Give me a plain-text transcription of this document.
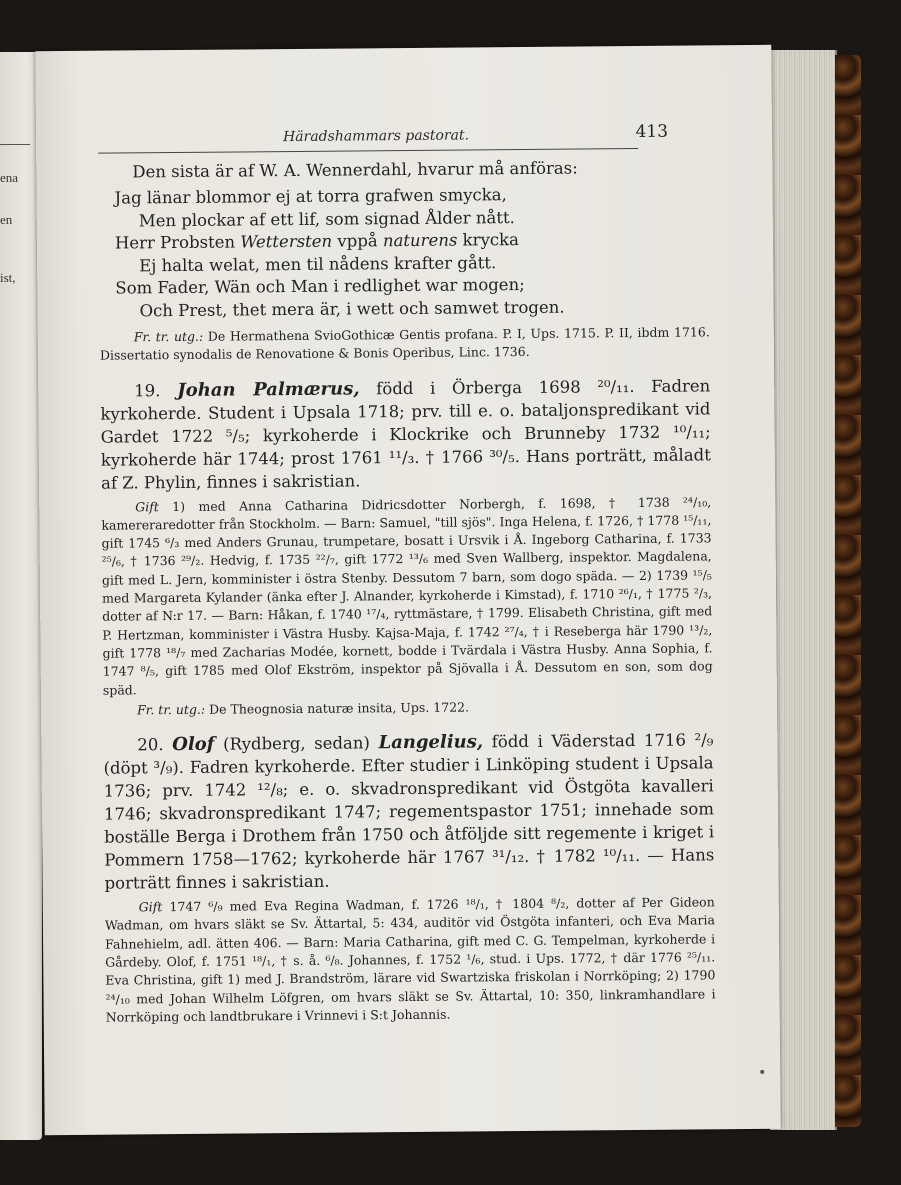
ena
en
ist,
Häradshammars pastorat.	413

Den sista är af W. A. Wennerdahl, hvarur må anföras:

Jag länar blommor ej at torra grafwen smycka,
Men plockar af ett lif, som signad Ålder nått.
Herr Probsten Wettersten vppå naturens krycka
Ej halta welat, men til nådens krafter gått.
Som Fader, Wän och Man i redlighet war mogen;
Och Prest, thet mera är, i wett och samwet trogen.

Fr. tr. utg.: De Hermathena SvioGothicæ Gentis profana. P. I, Ups. 1715. P. II, ibdm 1716. Dissertatio synodalis de Renovatione & Bonis Operibus, Linc. 1736.

19. Johan Palmærus, född i Örberga 1698 ²⁰/₁₁. Fadren kyrkoherde. Student i Upsala 1718; prv. till e. o. bataljonspredikant vid Gardet 1722 ⁵/₅; kyrkoherde i Klockrike och Brunneby 1732 ¹⁰/₁₁; kyrkoherde här 1744; prost 1761 ¹¹/₃. † 1766 ³⁰/₅. Hans porträtt, måladt af Z. Phylin, finnes i sakristian.

Gift 1) med Anna Catharina Didricsdotter Norbergh, f. 1698, † 1738 ²⁴/₁₀, kamereraredotter från Stockholm. — Barn: Samuel, "till sjös". Inga Helena, f. 1726, † 1778 ¹⁵/₁₁, gift 1745 ⁶/₃ med Anders Grunau, trumpetare, bosatt i Ursvik i Å. Ingeborg Catharina, f. 1733 ²⁵/₆, † 1736 ²⁹/₂. Hedvig, f. 1735 ²²/₇, gift 1772 ¹³/₆ med Sven Wallberg, inspektor. Magdalena, gift med L. Jern, komminister i östra Stenby. Dessutom 7 barn, som dogo späda. — 2) 1739 ¹⁵/₅ med Margareta Kylander (änka efter J. Alnander, kyrkoherde i Kimstad), f. 1710 ²⁶/₁, † 1775 ²/₃, dotter af N:r 17. — Barn: Håkan, f. 1740 ¹⁷/₄, ryttmästare, † 1799. Elisabeth Christina, gift med P. Hertzman, komminister i Västra Husby. Kajsa-Maja, f. 1742 ²⁷/₄, † i Reseberga här 1790 ¹³/₂, gift 1778 ¹⁸/₇ med Zacharias Modée, kornett, bodde i Tvärdala i Västra Husby. Anna Sophia, f. 1747 ⁸/₅, gift 1785 med Olof Ekström, inspektor på Sjövalla i Å. Dessutom en son, som dog späd.

Fr. tr. utg.: De Theognosia naturæ insita, Ups. 1722.

20. Olof (Rydberg, sedan) Langelius, född i Väderstad 1716 ²/₉ (döpt ³/₉). Fadren kyrkoherde. Efter studier i Linköping student i Upsala 1736; prv. 1742 ¹²/₈; e. o. skvadronspredikant vid Östgöta kavalleri 1746; skvadronspredikant 1747; regementspastor 1751; innehade som boställe Berga i Drothem från 1750 och åtföljde sitt regemente i kriget i Pommern 1758—1762; kyrkoherde här 1767 ³¹/₁₂. † 1782 ¹⁰/₁₁. — Hans porträtt finnes i sakristian.

Gift 1747 ⁶/₉ med Eva Regina Wadman, f. 1726 ¹⁸/₁, † 1804 ⁸/₂, dotter af Per Gideon Wadman, om hvars släkt se Sv. Ättartal, 5: 434, auditör vid Östgöta infanteri, och Eva Maria Fahnehielm, adl. ätten 406. — Barn: Maria Catharina, gift med C. G. Tempelman, kyrkoherde i Gårdeby. Olof, f. 1751 ¹⁸/₁, † s. å. ⁶/₈. Johannes, f. 1752 ¹/₆, stud. i Ups. 1772, † där 1776 ²⁵/₁₁. Eva Christina, gift 1) med J. Brandström, lärare vid Swartziska friskolan i Norrköping; 2) 1790 ²⁴/₁₀ med Johan Wilhelm Löfgren, om hvars släkt se Sv. Ättartal, 10: 350, linkramhandlare i Norrköping och landtbrukare i Vrinnevi i S:t Johannis.
